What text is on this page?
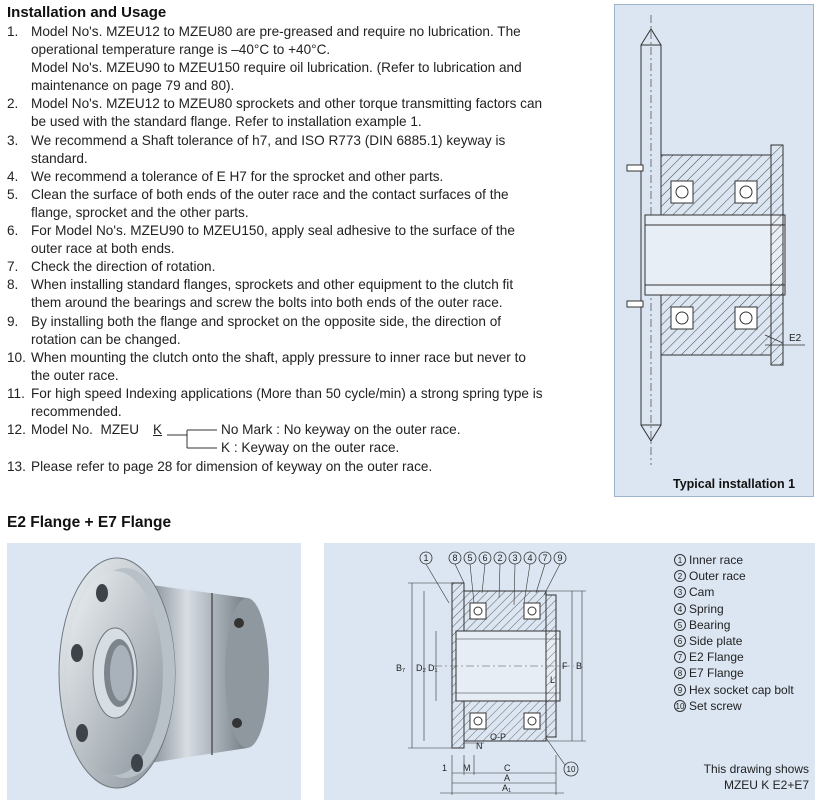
Installation and Usage
1. Model No's. MZEU12 to MZEU80 are pre-greased and require no lubrication. The
operational temperature range is –40°C to +40°C.
Model No's. MZEU90 to MZEU150 require oil lubrication. (Refer to lubrication and
maintenance on page 79 and 80).
2. Model No's. MZEU12 to MZEU80 sprockets and other torque transmitting factors can
be used with the standard flange. Refer to installation example 1.
3. We recommend a Shaft tolerance of h7, and ISO R773 (DIN 6885.1) keyway is
standard.
4. We recommend a tolerance of E H7 for the sprocket and other parts.
5. Clean the surface of both ends of the outer race and the contact surfaces of the
flange, sprocket and the other parts.
6. For Model No's. MZEU90 to MZEU150, apply seal adhesive to the surface of the
outer race at both ends.
7. Check the direction of rotation.
8. When installing standard flanges, sprockets and other equipment to the clutch fit
them around the bearings and screw the bolts into both ends of the outer race.
9. By installing both the flange and sprocket on the opposite side, the direction of
rotation can be changed.
10. When mounting the clutch onto the shaft, apply pressure to inner race but never to
the outer race.
11. For high speed Indexing applications (More than 50 cycle/min) a strong spring type is
recommended.
12. Model No.  MZEU K	No Mark : No keyway on the outer race.
K : Keyway on the outer race.
13. Please refer to page 28 for dimension of keyway on the outer race.
E2
Typical installation 1
E2 Flange + E7 Flange
1	8 5 6 2 3 4 7 9
10
B₇ D₂ D₁	F B
L
N
O-P
1 M	C
A
A₁
1 Inner race
2 Outer race
3 Cam
4 Spring
5 Bearing
6 Side plate
7 E2 Flange
8 E7 Flange
9 Hex socket cap bolt
10 Set screw
This drawing shows
MZEU K E2+E7
